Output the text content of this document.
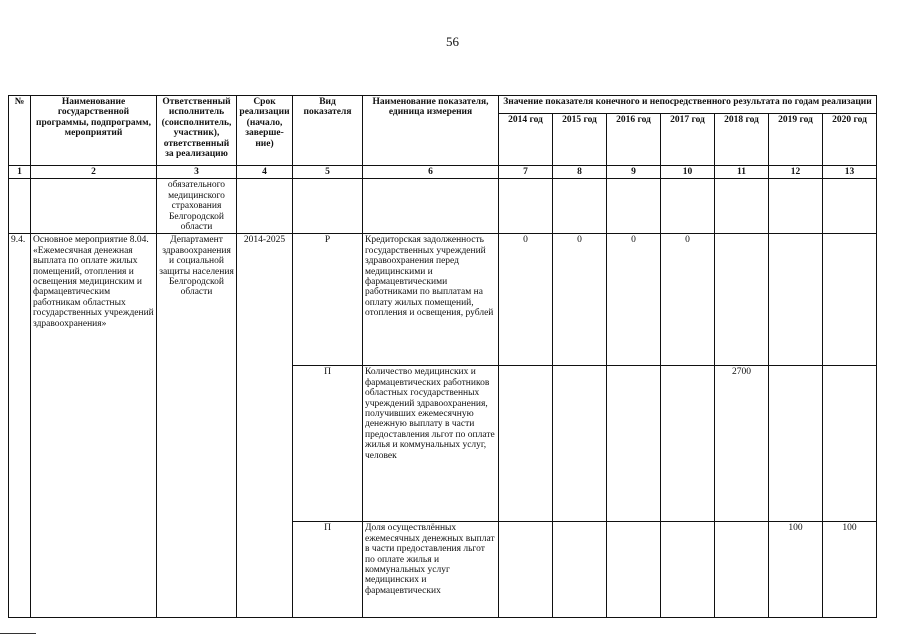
56
№	Наименование государственной программы, подпрограмм, мероприятий	Ответственный исполнитель (соисполнитель, участник), ответственный за реализацию	Срок реализации (начало, заверше-ние)	Вид показателя	Наименование показателя, единица измерения	Значение показателя конечного и непосредственного результата по годам реализации						
						2014 год	2015 год	2016 год	2017 год	2018 год	2019 год	2020 год
1	2	3	4	5	6	7	8	9	10	11	12	13
		обязательного медицинского страхования Белгородской области										
9.4.	Основное мероприятие 8.04. «Ежемесячная денежная выплата по оплате жилых помещений, отопления и освещения медицинским и фармацевтическим работникам областных государственных учреждений здравоохранения»	Департамент здравоохранения и социальной защиты населения Белгородской области	2014-2025	Р	Кредиторская задолженность государственных учреждений здравоохранения перед медицинскими и фармацевтическими работниками по выплатам на оплату жилых помещений, отопления и освещения, рублей	0	0	0	0			
				П	Количество медицинских и фармацевтических работников областных государственных учреждений здравоохранения, получивших ежемесячную денежную выплату в части предоставления льгот по оплате жилья и коммунальных услуг, человек					2700		
				П	Доля осуществлённых ежемесячных денежных выплат в части предоставления льгот по оплате жилья и коммунальных услуг медицинских и фармацевтических						100	100
